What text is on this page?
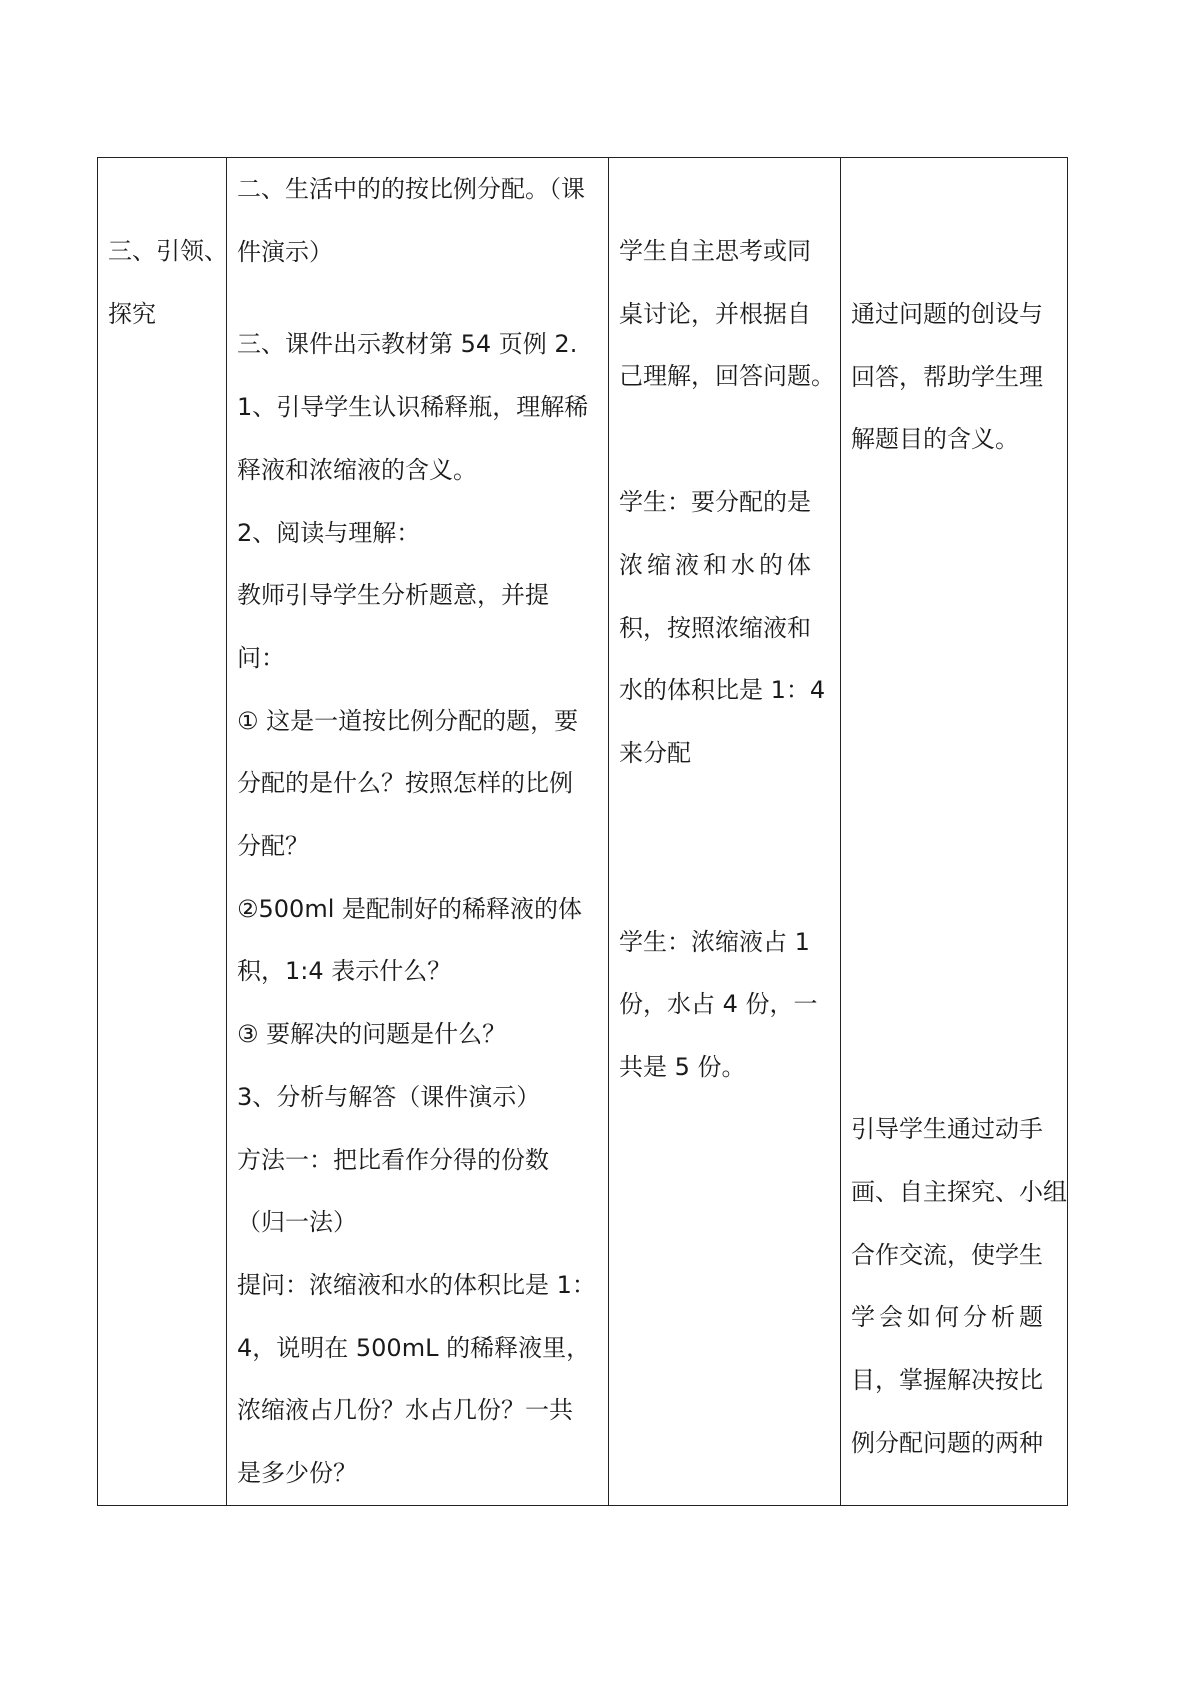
三、引领、

探究

二、生活中的的按比例分配。（课

件演示）

三、课件出示教材第 54 页例 2.

1、引导学生认识稀释瓶，理解稀

释液和浓缩液的含义。

2、阅读与理解：

教师引导学生分析题意，并提

问：

① 这是一道按比例分配的题，要

分配的是什么？按照怎样的比例

分配？

②500ml 是配制好的稀释液的体

积，1:4 表示什么？

③ 要解决的问题是什么？

3、分析与解答（课件演示）

方法一：把比看作分得的份数

（归一法）

提问：浓缩液和水的体积比是 1：

4，说明在 500mL 的稀释液里，

浓缩液占几份？水占几份？一共

是多少份？

学生自主思考或同

桌讨论，并根据自

己理解，回答问题。

学生：要分配的是

浓缩液和水的体

积，按照浓缩液和

水的体积比是 1：4

来分配

学生：浓缩液占 1

份，水占 4 份，一

共是 5 份。

通过问题的创设与

回答，帮助学生理

解题目的含义。

引导学生通过动手

画、自主探究、小组

合作交流，使学生

学会如何分析题

目，掌握解决按比

例分配问题的两种
